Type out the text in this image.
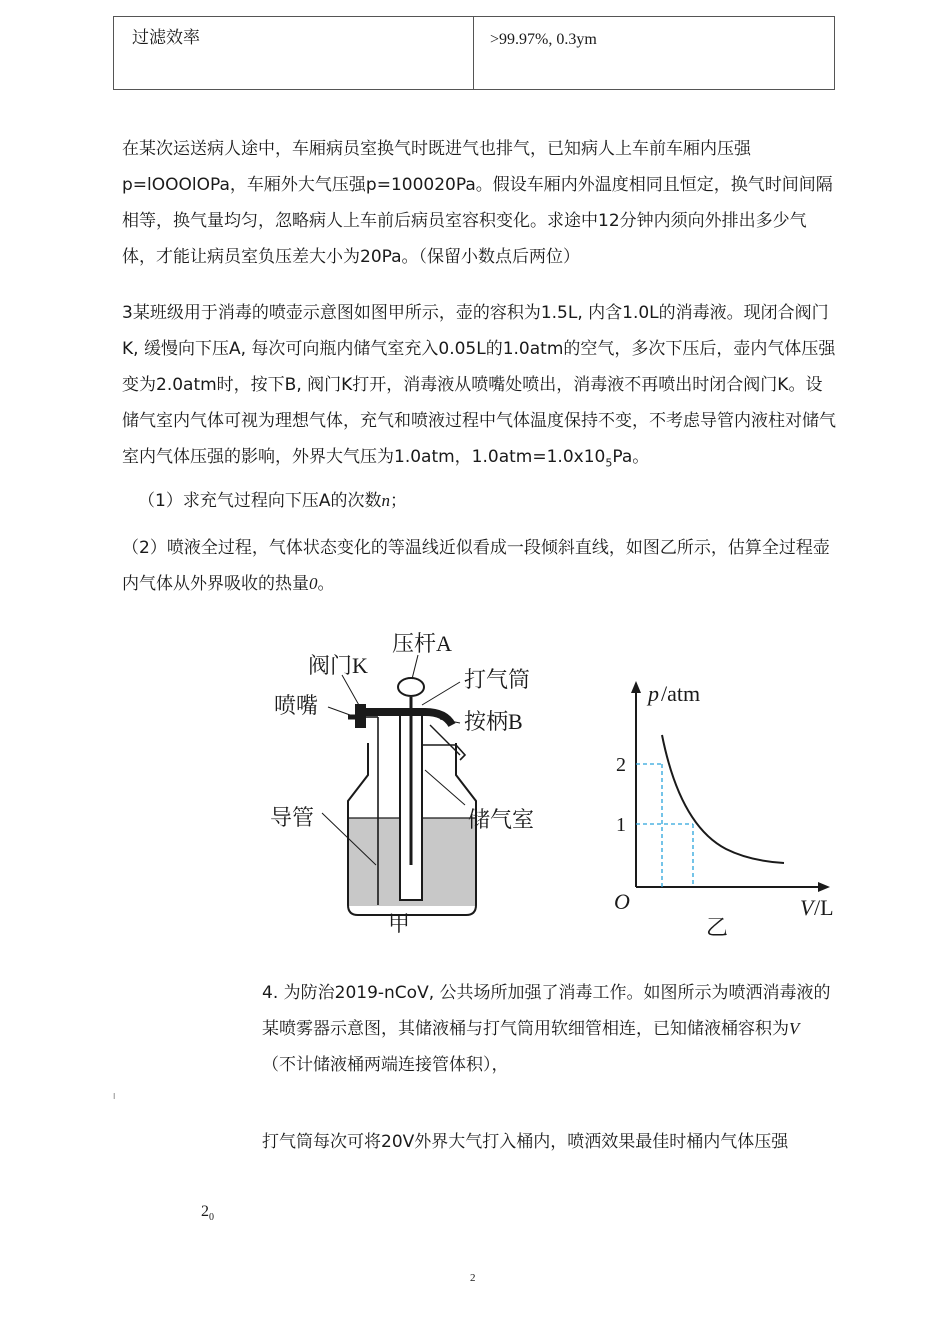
过滤效率	>99.97%, 0.3ym

在某次运送病人途中，车厢病员室换气时既进气也排气，已知病人上车前车厢内压强p=lOOOlOPa，车厢外大气压强p=100020Pa。假设车厢内外温度相同且恒定，换气时间间隔相等，换气量均匀，忽略病人上车前后病员室容积变化。求途中12分钟内须向外排出多少气体，才能让病员室负压差大小为20Pa。（保留小数点后两位）

3某班级用于消毒的喷壶示意图如图甲所示，壶的容积为1.5L, 内含1.0L的消毒液。现闭合阀门K, 缓慢向下压A, 每次可向瓶内储气室充入0.05L的1.0atm的空气，多次下压后，壶内气体压强变为2.0atm时，按下B, 阀门K打开，消毒液从喷嘴处喷出，消毒液不再喷出时闭合阀门K。设储气室内气体可视为理想气体，充气和喷液过程中气体温度保持不变，不考虑导管内液柱对储气室内气体压强的影响，外界大气压为1.0atm，$1.0atm=1.0x10_5Pa$。

（1）求充气过程向下压A的次数n；

（2）喷液全过程，气体状态变化的等温线近似看成一段倾斜直线，如图乙所示，估算全过程壶内气体从外界吸收的热量0。

压杆A
阀门K
打气筒
喷嘴
按柄B
导管	储气室
甲
p /atm
2
1
O	V /L
乙

4. 为防治2019-nCoV, 公共场所加强了消毒工作。如图所示为喷洒消毒液的某喷雾器示意图，其储液桶与打气筒用软细管相连，已知储液桶容积为V（不计储液桶两端连接管体积），

I

打气筒每次可将20V外界大气打入桶内，喷洒效果最佳时桶内气体压强

$2_0$
2
